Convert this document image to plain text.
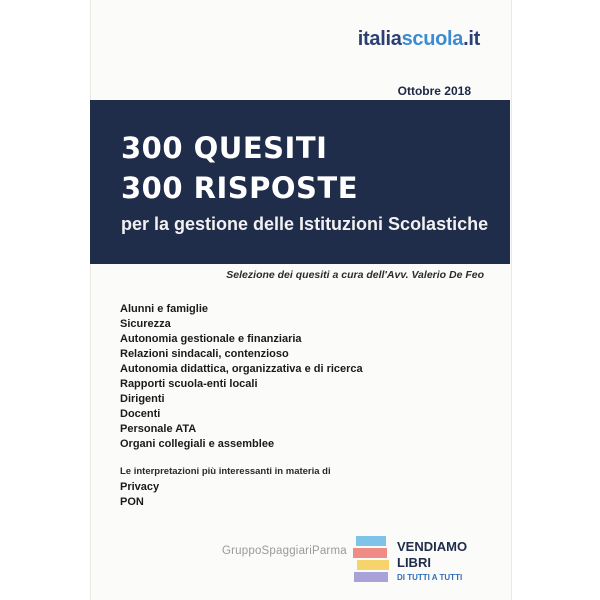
italiascuola.it
Ottobre 2018
300 QUESITI
300 RISPOSTE
per la gestione delle Istituzioni Scolastiche
Selezione dei quesiti a cura dell'Avv. Valerio De Feo
Alunni e famiglie
Sicurezza
Autonomia gestionale e finanziaria
Relazioni sindacali, contenzioso
Autonomia didattica, organizzativa e di ricerca
Rapporti scuola-enti locali
Dirigenti
Docenti
Personale ATA
Organi collegiali e assemblee
Le interpretazioni più interessanti in materia di
Privacy
PON
GruppoSpaggiariParma	VENDIAMO
LIBRI
DI TUTTI A TUTTI
